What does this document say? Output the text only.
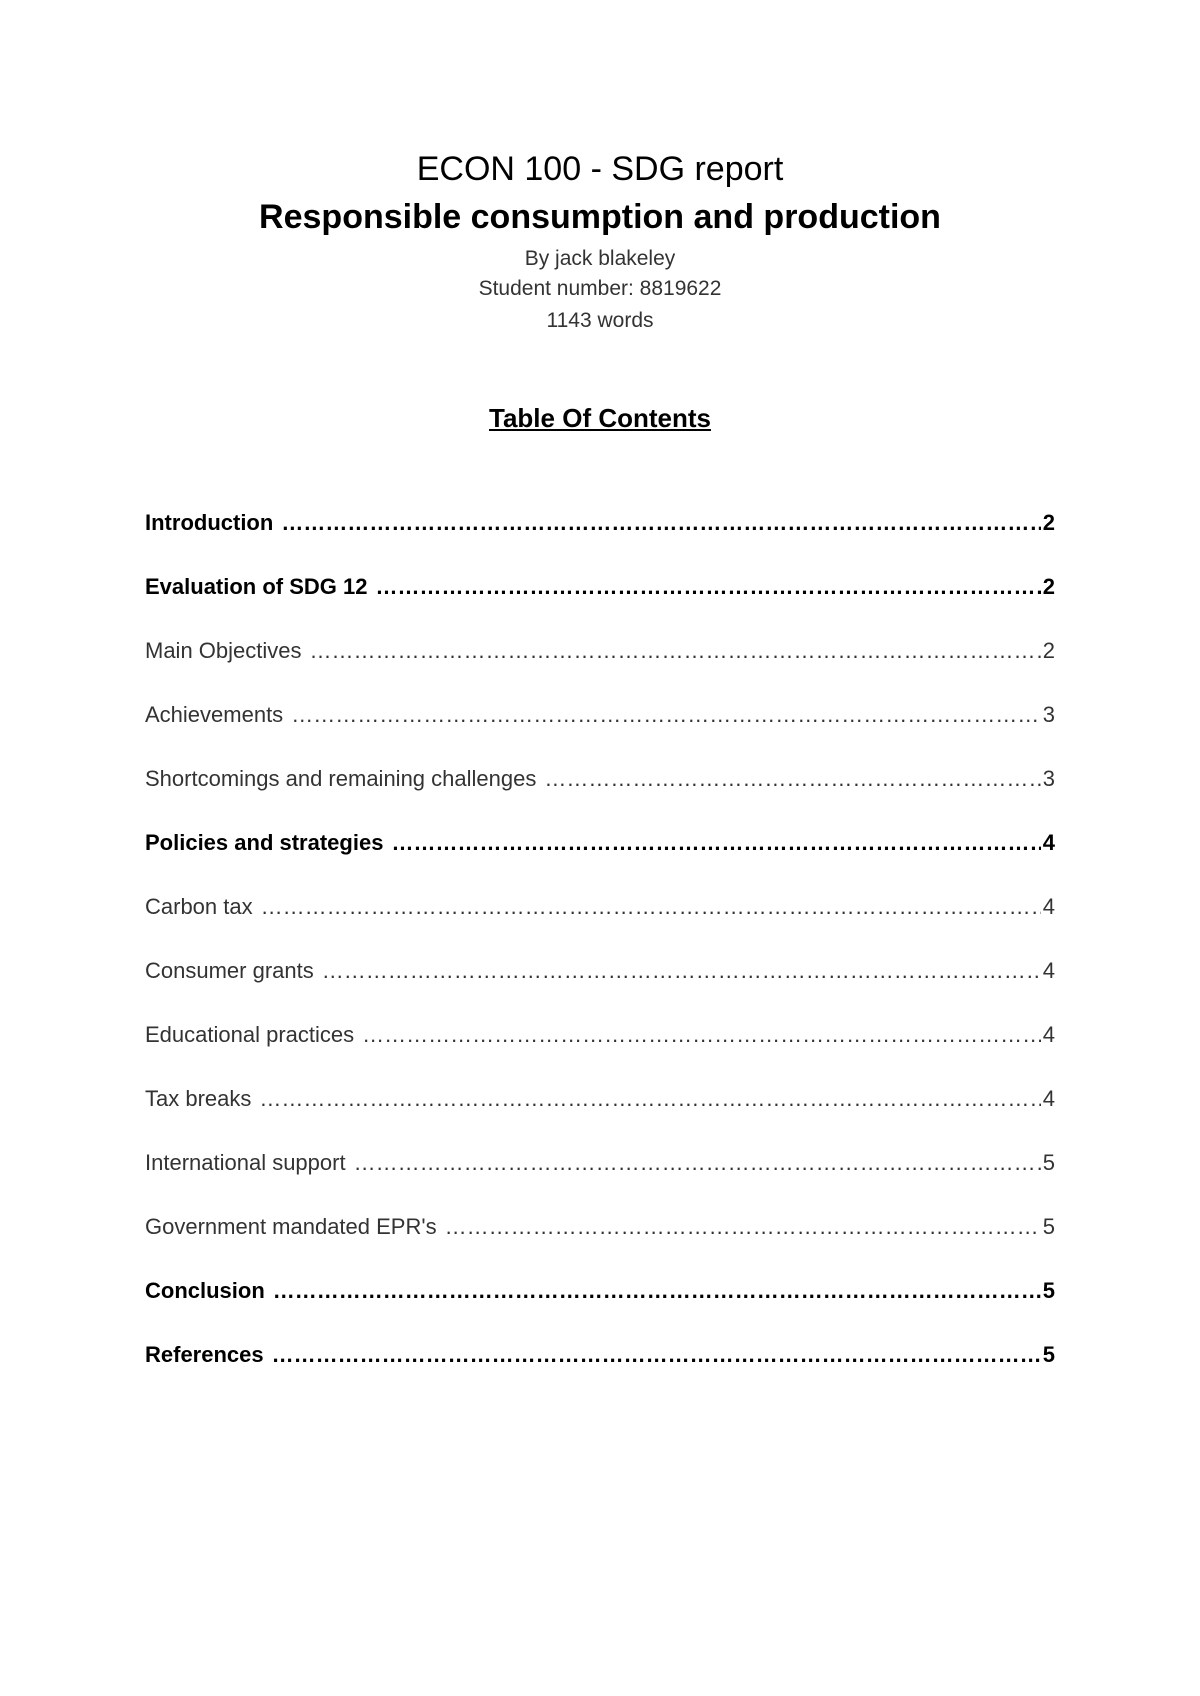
ECON 100 - SDG report
Responsible consumption and production
By jack blakeley
Student number: 8819622
1143 words
Table Of Contents
Introduction ……………………………………………………………………………………………………………………………………………………………………………………………………	2
Evaluation of SDG 12 ……………………………………………………………………………………………………………………………………………………………………………………………………	2
Main Objectives ……………………………………………………………………………………………………………………………………………………………………………………………………	2
Achievements ……………………………………………………………………………………………………………………………………………………………………………………………………	3
Shortcomings and remaining challenges ……………………………………………………………………………………………………………………………………………………………………………………………………	3
Policies and strategies ……………………………………………………………………………………………………………………………………………………………………………………………………	4
Carbon tax ……………………………………………………………………………………………………………………………………………………………………………………………………	4
Consumer grants ……………………………………………………………………………………………………………………………………………………………………………………………………	4
Educational practices ……………………………………………………………………………………………………………………………………………………………………………………………………	4
Tax breaks ……………………………………………………………………………………………………………………………………………………………………………………………………	4
International support ……………………………………………………………………………………………………………………………………………………………………………………………………	5
Government mandated EPR's ……………………………………………………………………………………………………………………………………………………………………………………………………	5
Conclusion ……………………………………………………………………………………………………………………………………………………………………………………………………	5
References ……………………………………………………………………………………………………………………………………………………………………………………………………	5
